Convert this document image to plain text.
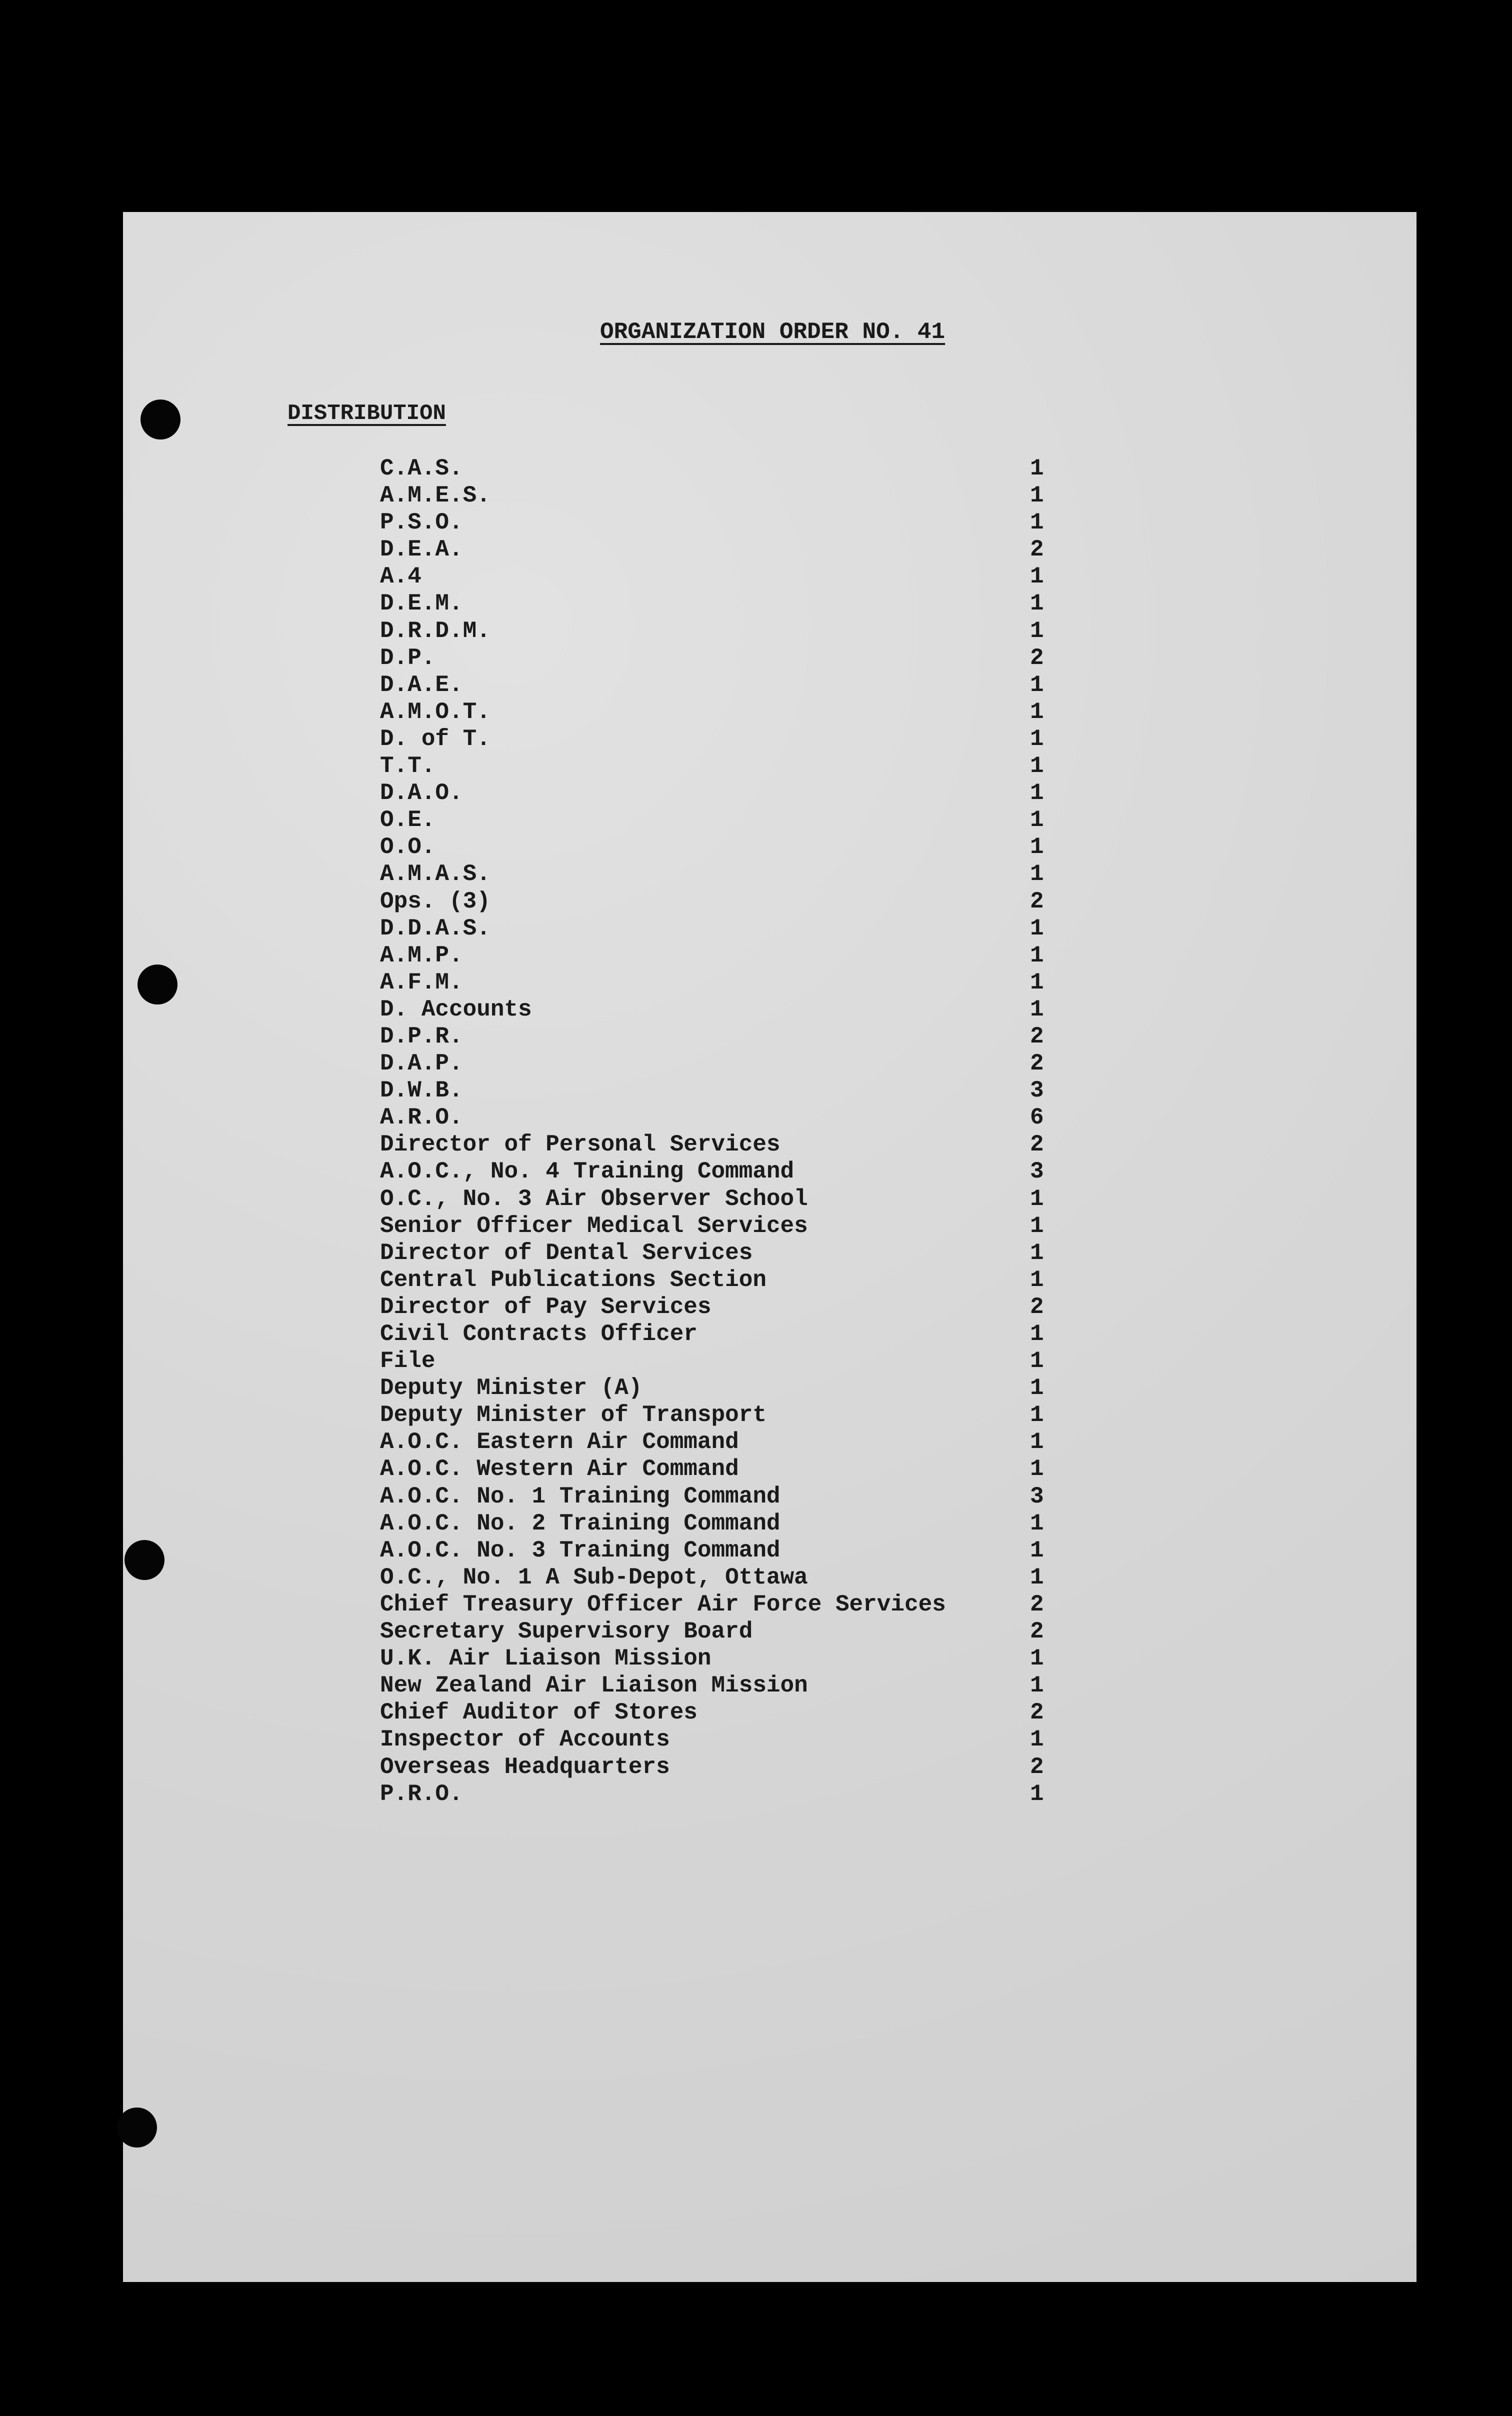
ORGANIZATION ORDER NO. 41
DISTRIBUTION
C.A.S.	1
A.M.E.S.	1
P.S.O.	1
D.E.A.	2
A.4	1
D.E.M.	1
D.R.D.M.	1
D.P.	2
D.A.E.	1
A.M.O.T.	1
D. of T.	1
T.T.	1
D.A.O.	1
O.E.	1
O.O.	1
A.M.A.S.	1
Ops. (3)	2
D.D.A.S.	1
A.M.P.	1
A.F.M.	1
D. Accounts	1
D.P.R.	2
D.A.P.	2
D.W.B.	3
A.R.O.	6
Director of Personal Services	2
A.O.C., No. 4 Training Command	3
O.C., No. 3 Air Observer School	1
Senior Officer Medical Services	1
Director of Dental Services	1
Central Publications Section	1
Director of Pay Services	2
Civil Contracts Officer	1
File	1
Deputy Minister (A)	1
Deputy Minister of Transport	1
A.O.C. Eastern Air Command	1
A.O.C. Western Air Command	1
A.O.C. No. 1 Training Command	3
A.O.C. No. 2 Training Command	1
A.O.C. No. 3 Training Command	1
O.C., No. 1 A Sub-Depot, Ottawa	1
Chief Treasury Officer Air Force Services	2
Secretary Supervisory Board	2
U.K. Air Liaison Mission	1
New Zealand Air Liaison Mission	1
Chief Auditor of Stores	2
Inspector of Accounts	1
Overseas Headquarters	2
P.R.O.	1
